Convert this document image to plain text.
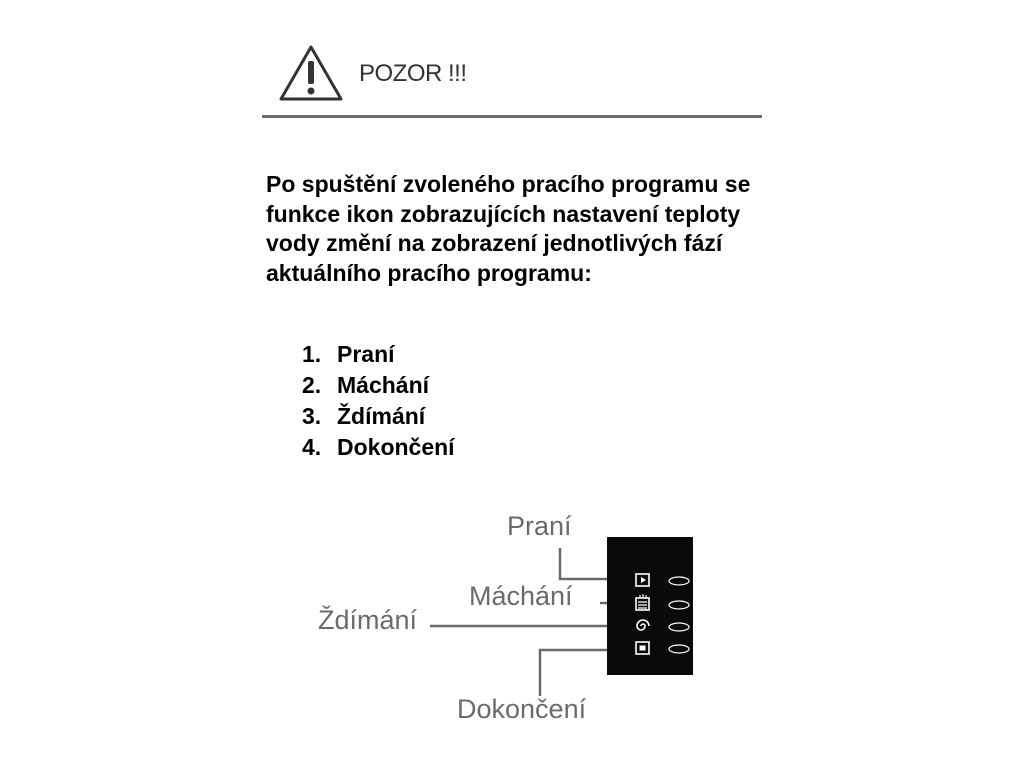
POZOR !!!

Po spuštění zvoleného pracího programu se funkce ikon zobrazujících nastavení teploty vody změní na zobrazení jednotlivých fází aktuálního pracího programu:

1. Praní
2. Máchání
3. Ždímání
4. Dokončení
Praní
Máchání
Ždímání
Dokončení
